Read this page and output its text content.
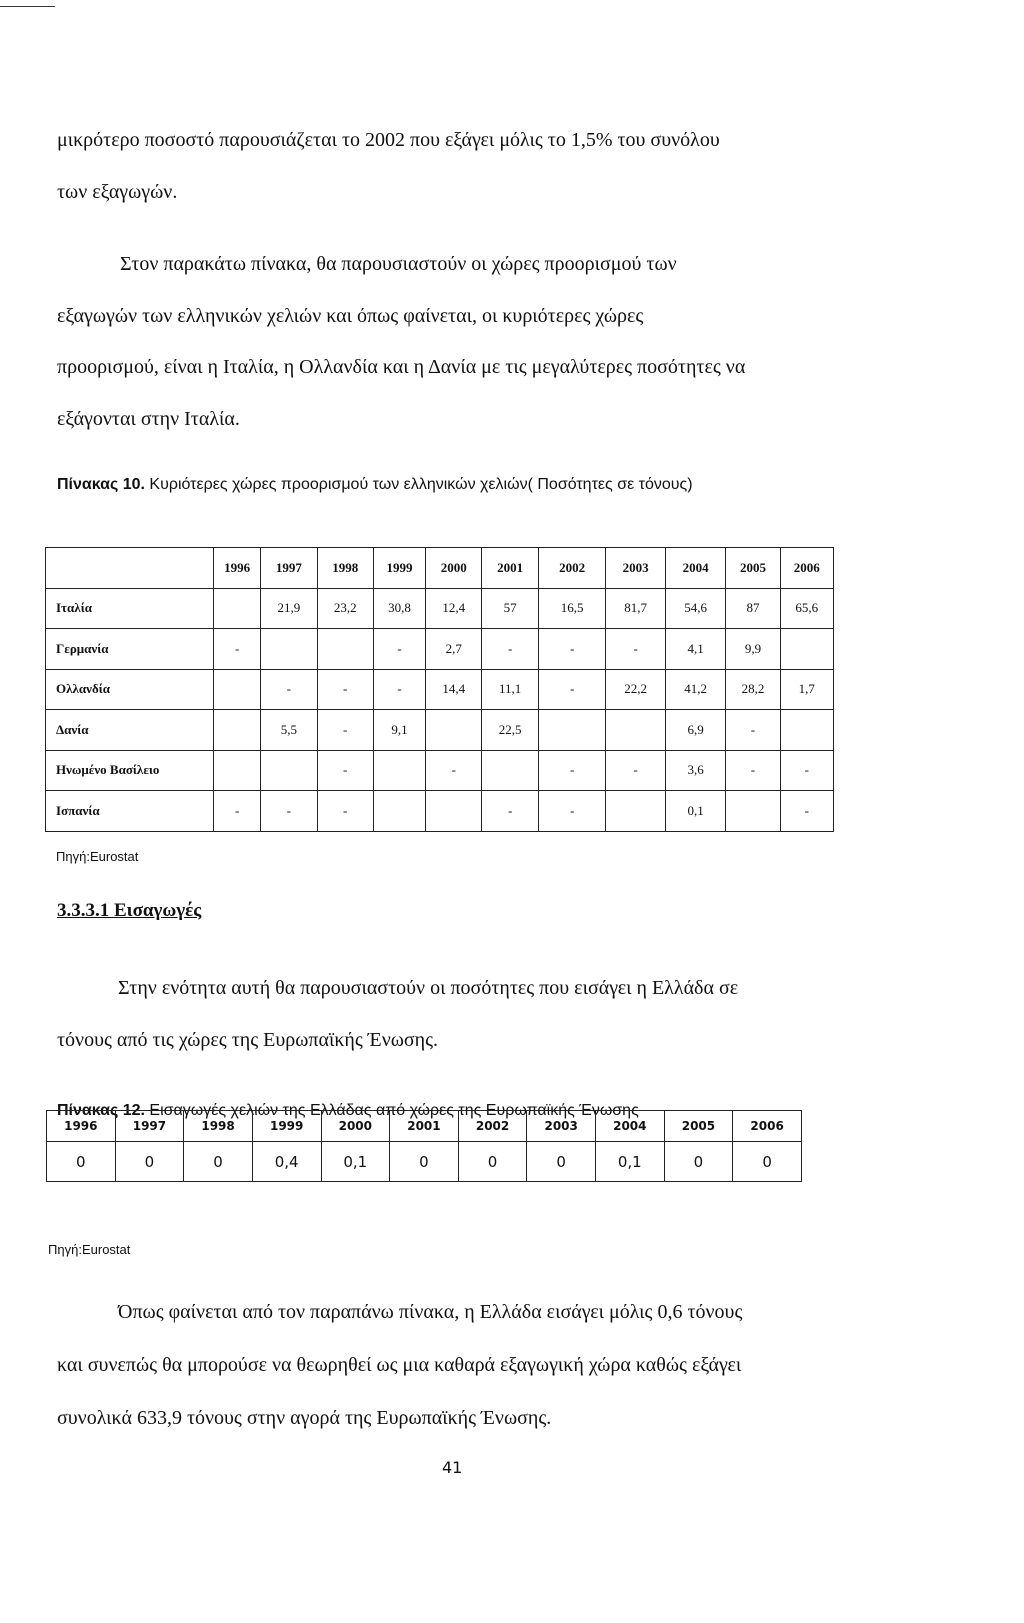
μικρότερο ποσοστό παρουσιάζεται το 2002 που εξάγει μόλις το 1,5% του συνόλου
των εξαγωγών.
Στον παρακάτω πίνακα, θα παρουσιαστούν οι χώρες προορισμού των
εξαγωγών των ελληνικών χελιών και όπως φαίνεται, οι κυριότερες χώρες
προορισμού, είναι η Ιταλία, η Ολλανδία και η Δανία με τις μεγαλύτερες ποσότητες να
εξάγονται στην Ιταλία.
Πίνακας 10. Κυριότερες χώρες προορισμού των ελληνικών χελιών( Ποσότητες σε τόνους)
	1996	1997	1998	1999	2000	2001	2002	2003	2004	2005	2006
Ιταλία		21,9	23,2	30,8	12,4	57	16,5	81,7	54,6	87	65,6
Γερμανία	-			-	2,7	-	-	-	4,1	9,9	
Ολλανδία		-	-	-	14,4	11,1	-	22,2	41,2	28,2	1,7
Δανία		5,5	-	9,1		22,5			6,9	-	
Ηνωμένο Βασίλειο			-		-		-	-	3,6	-	-
Ισπανία	-	-	-			-	-		0,1		-
Πηγή:Eurostat
3.3.3.1 Εισαγωγές
Στην ενότητα αυτή θα παρουσιαστούν οι ποσότητες που εισάγει η Ελλάδα σε
τόνους από τις χώρες της Ευρωπαϊκής Ένωσης.
Πίνακας 12. Εισαγωγές χελιών της Ελλάδας από χώρες της Ευρωπαϊκής Ένωσης
1996	1997	1998	1999	2000	2001	2002	2003	2004	2005	2006
0	0	0	0,4	0,1	0	0	0	0,1	0	0
Πηγή:Eurostat
Όπως φαίνεται από τον παραπάνω πίνακα, η Ελλάδα εισάγει μόλις 0,6 τόνους
και συνεπώς θα μπορούσε να θεωρηθεί ως μια καθαρά εξαγωγική χώρα καθώς εξάγει
συνολικά 633,9 τόνους στην αγορά της Ευρωπαϊκής Ένωσης.
41
